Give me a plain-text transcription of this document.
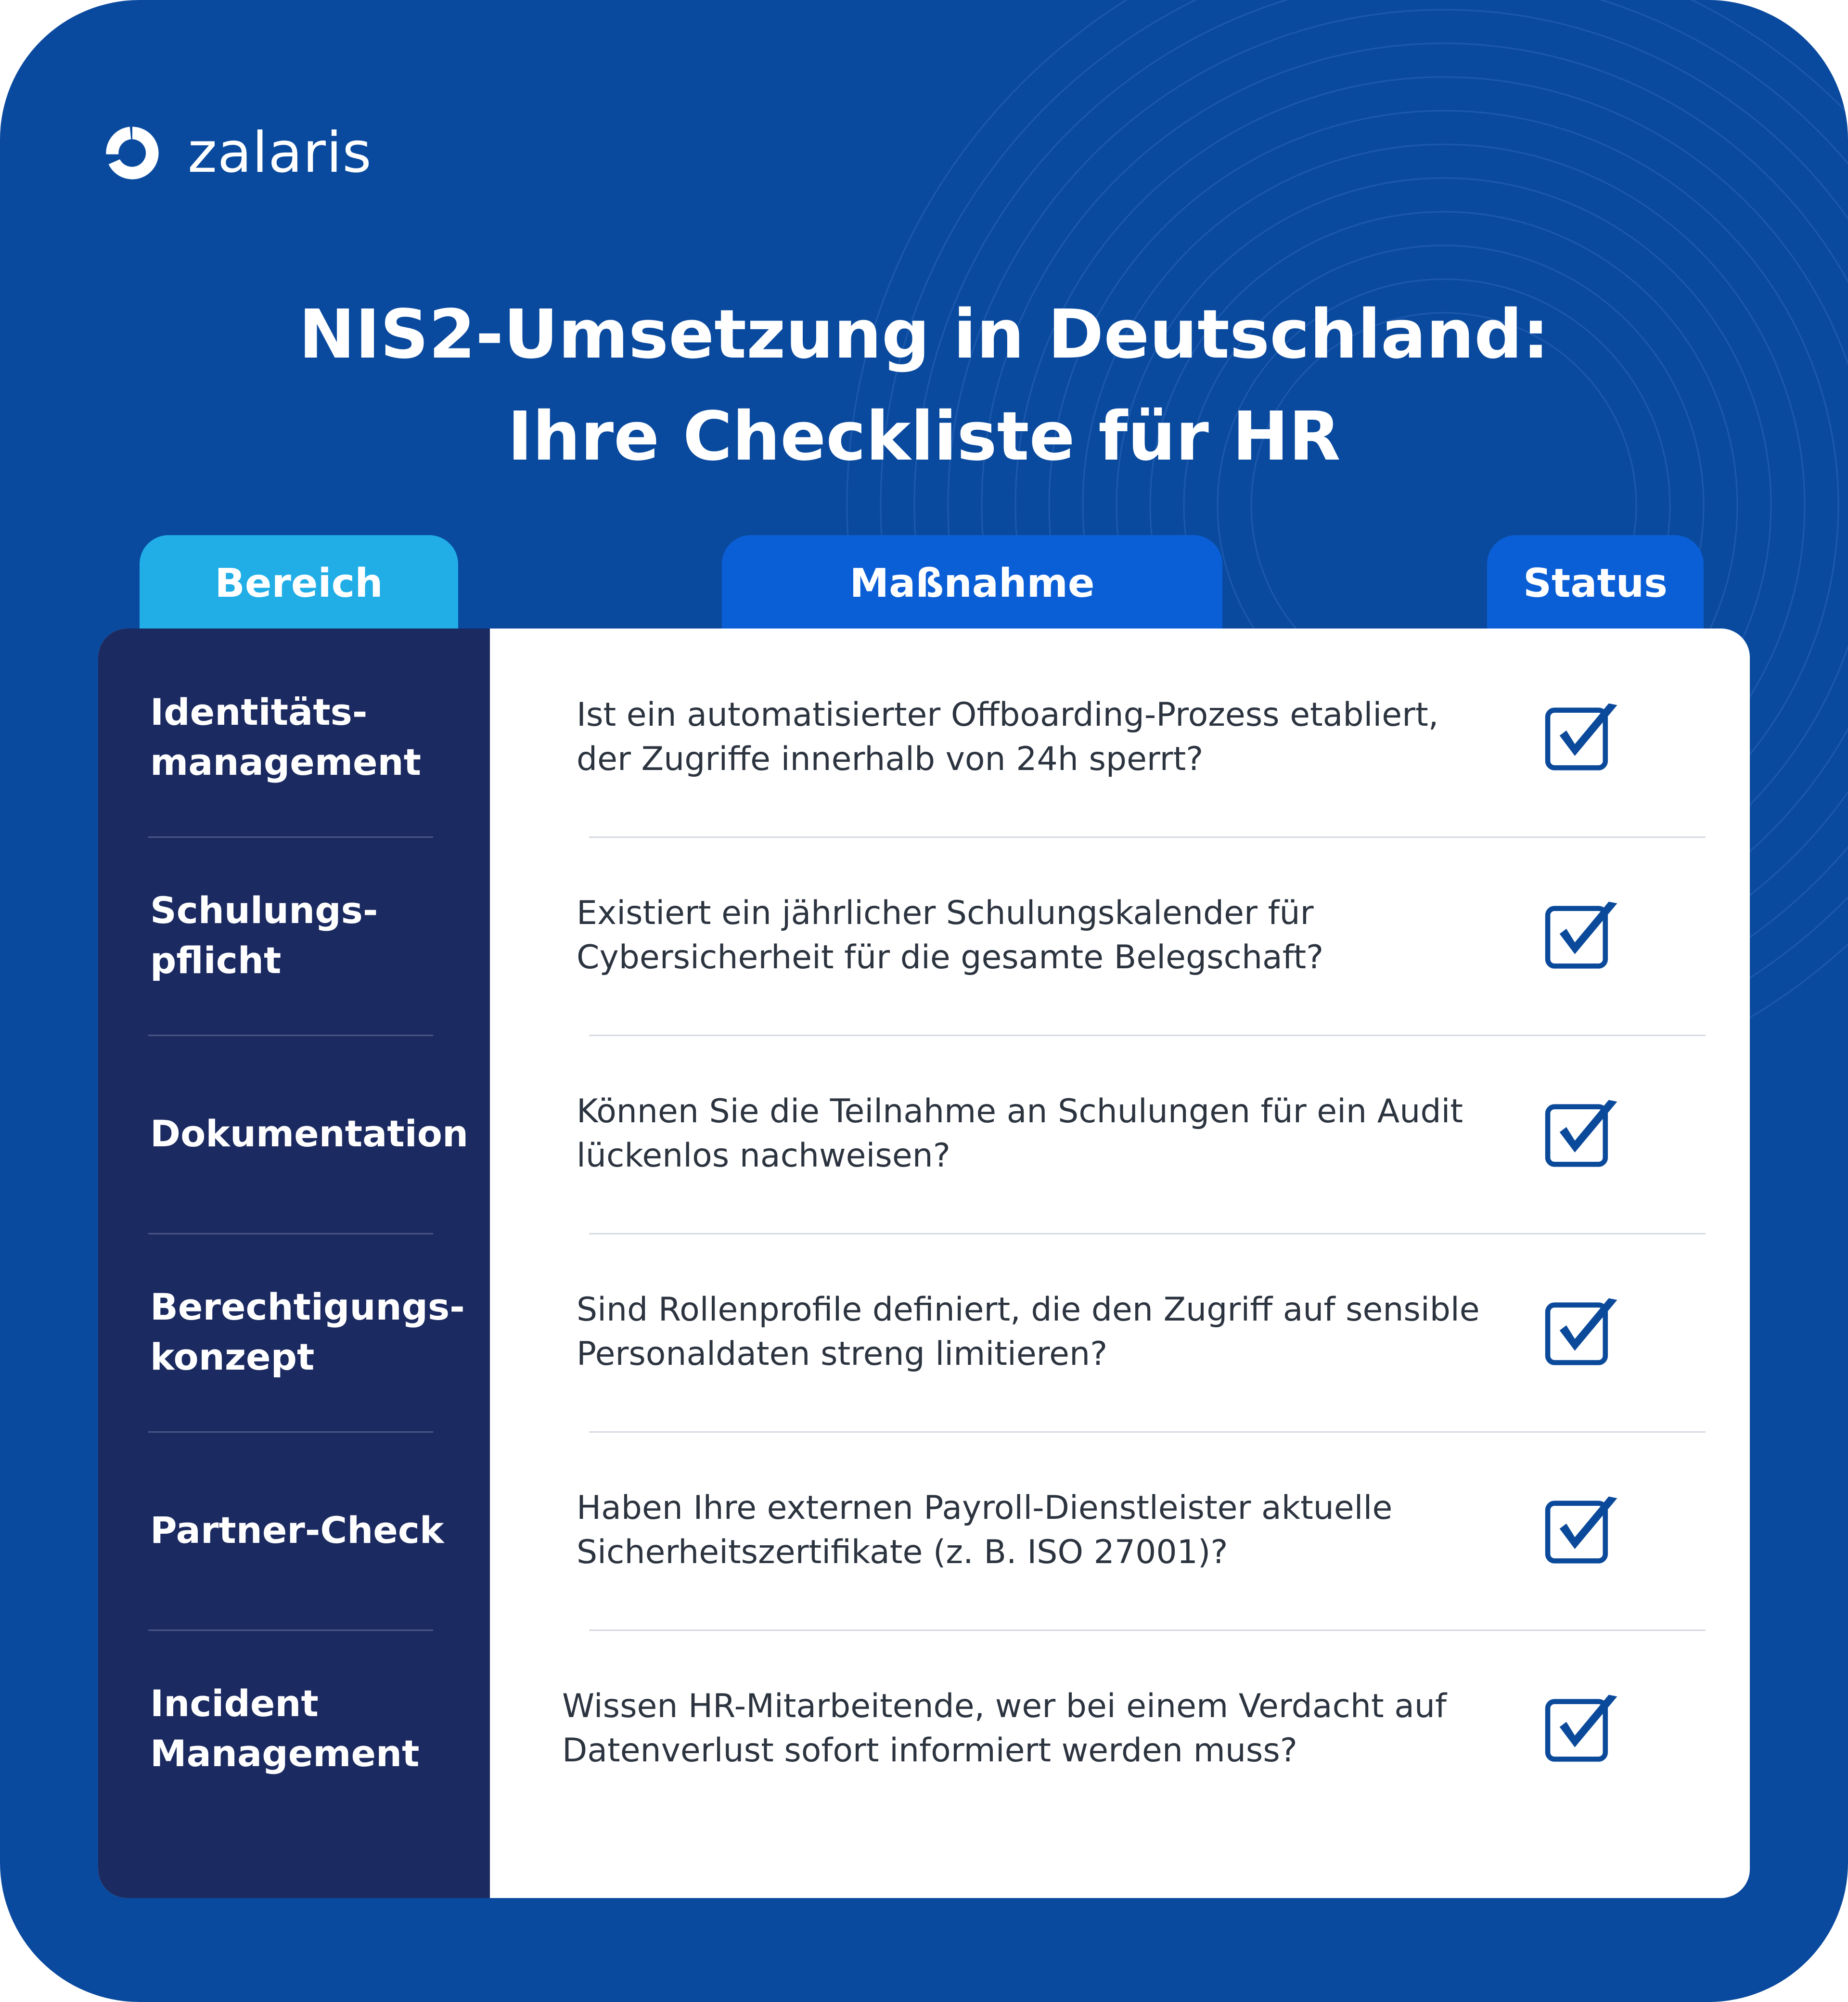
zalaris
NIS2-Umsetzung in Deutschland:
Ihre Checkliste für HR
Bereich	Maßnahme	Status
Identitäts-
management
Ist ein automatisierter Offboarding-Prozess etabliert,
der Zugriffe innerhalb von 24h sperrt?
Schulungs-
pflicht
Existiert ein jährlicher Schulungskalender für
Cybersicherheit für die gesamte Belegschaft?
Dokumentation
Können Sie die Teilnahme an Schulungen für ein Audit
lückenlos nachweisen?
Berechtigungs-
konzept
Sind Rollenprofile definiert, die den Zugriff auf sensible
Personaldaten streng limitieren?
Partner-Check
Haben Ihre externen Payroll-Dienstleister aktuelle
Sicherheitszertifikate (z. B. ISO 27001)?
Incident
Management
Wissen HR-Mitarbeitende, wer bei einem Verdacht auf
Datenverlust sofort informiert werden muss?
